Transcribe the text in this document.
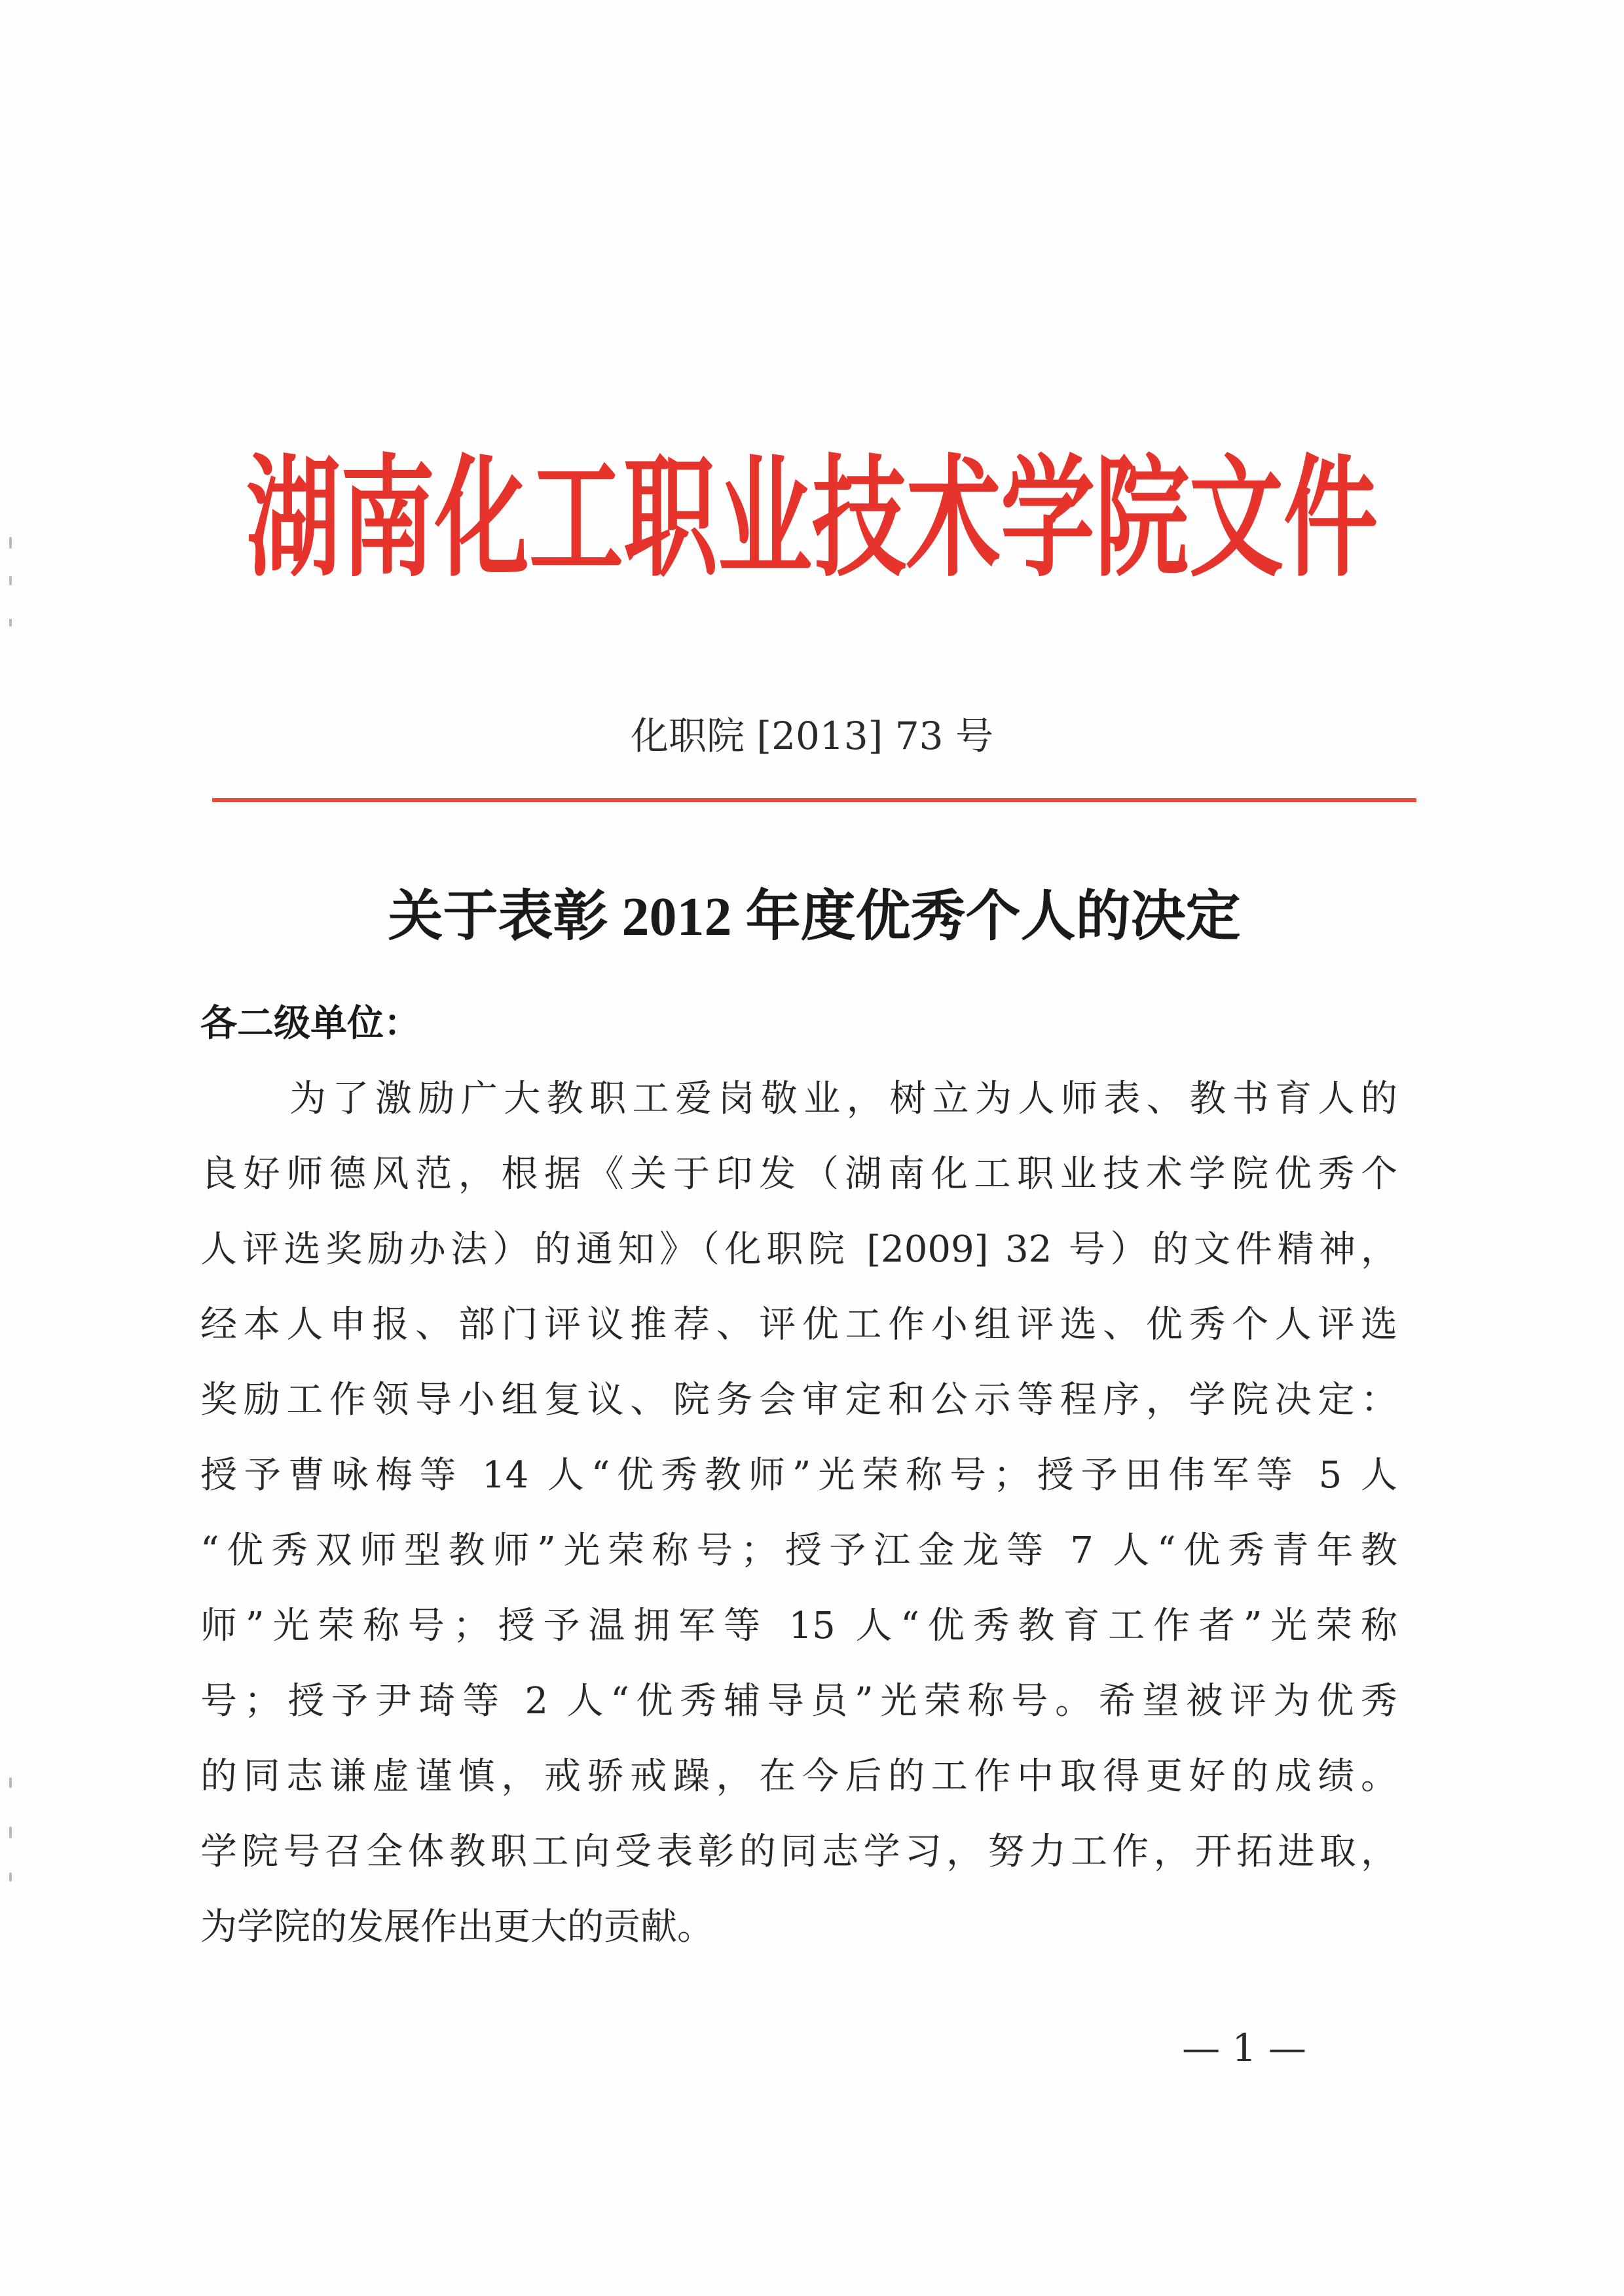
湖南化工职业技术学院文件
化职院 [2013] 73 号
关于表彰 2012 年度优秀个人的决定
各二级单位：
为了激励广大教职工爱岗敬业，树立为人师表、教书育人的
良好师德风范，根据《关于印发（湖南化工职业技术学院优秀个
人评选奖励办法）的通知》（化职院 [2009] 32 号）的文件精神，
经本人申报、部门评议推荐、评优工作小组评选、优秀个人评选
奖励工作领导小组复议、院务会审定和公示等程序，学院决定：
授予曹咏梅等 14 人“优秀教师”光荣称号；授予田伟军等 5 人
“优秀双师型教师”光荣称号；授予江金龙等 7 人“优秀青年教
师”光荣称号；授予温拥军等 15 人“优秀教育工作者”光荣称
号；授予尹琦等 2 人“优秀辅导员”光荣称号。希望被评为优秀
的同志谦虚谨慎，戒骄戒躁，在今后的工作中取得更好的成绩。
学院号召全体教职工向受表彰的同志学习，努力工作，开拓进取，
为学院的发展作出更大的贡献。
— 1 —
